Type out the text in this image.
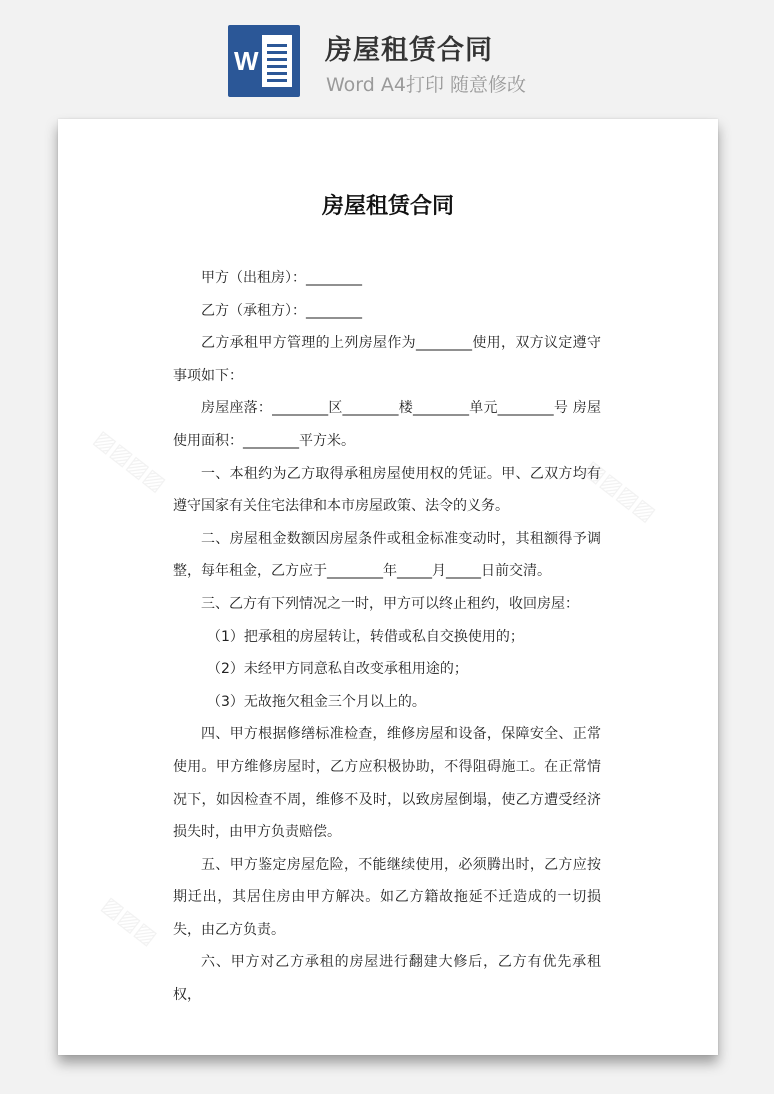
W	房屋租赁合同
Word A4打印 随意修改
▨▨▨▨	▨▨▨▨
▨▨▨
房屋租赁合同

甲方（出租房）：________

乙方（承租方）：________

乙方承租甲方管理的上列房屋作为________使用，双方议定遵守事项如下：

房屋座落：________区________楼________单元________号 房屋使用面积：________平方米。

一、本租约为乙方取得承租房屋使用权的凭证。甲、乙双方均有遵守国家有关住宅法律和本市房屋政策、法令的义务。

二、房屋租金数额因房屋条件或租金标准变动时，其租额得予调整，每年租金，乙方应于________年_____月_____日前交清。

三、乙方有下列情况之一时，甲方可以终止租约，收回房屋：

（1）把承租的房屋转让，转借或私自交换使用的；

（2）未经甲方同意私自改变承租用途的；

（3）无故拖欠租金三个月以上的。

四、甲方根据修缮标准检查，维修房屋和设备，保障安全、正常使用。甲方维修房屋时，乙方应积极协助，不得阻碍施工。在正常情况下，如因检查不周，维修不及时，以致房屋倒塌，使乙方遭受经济损失时，由甲方负责赔偿。

五、甲方鉴定房屋危险，不能继续使用，必须腾出时，乙方应按期迁出，其居住房由甲方解决。如乙方籍故拖延不迁造成的一切损失，由乙方负责。

六、甲方对乙方承租的房屋进行翻建大修后，乙方有优先承租权，
